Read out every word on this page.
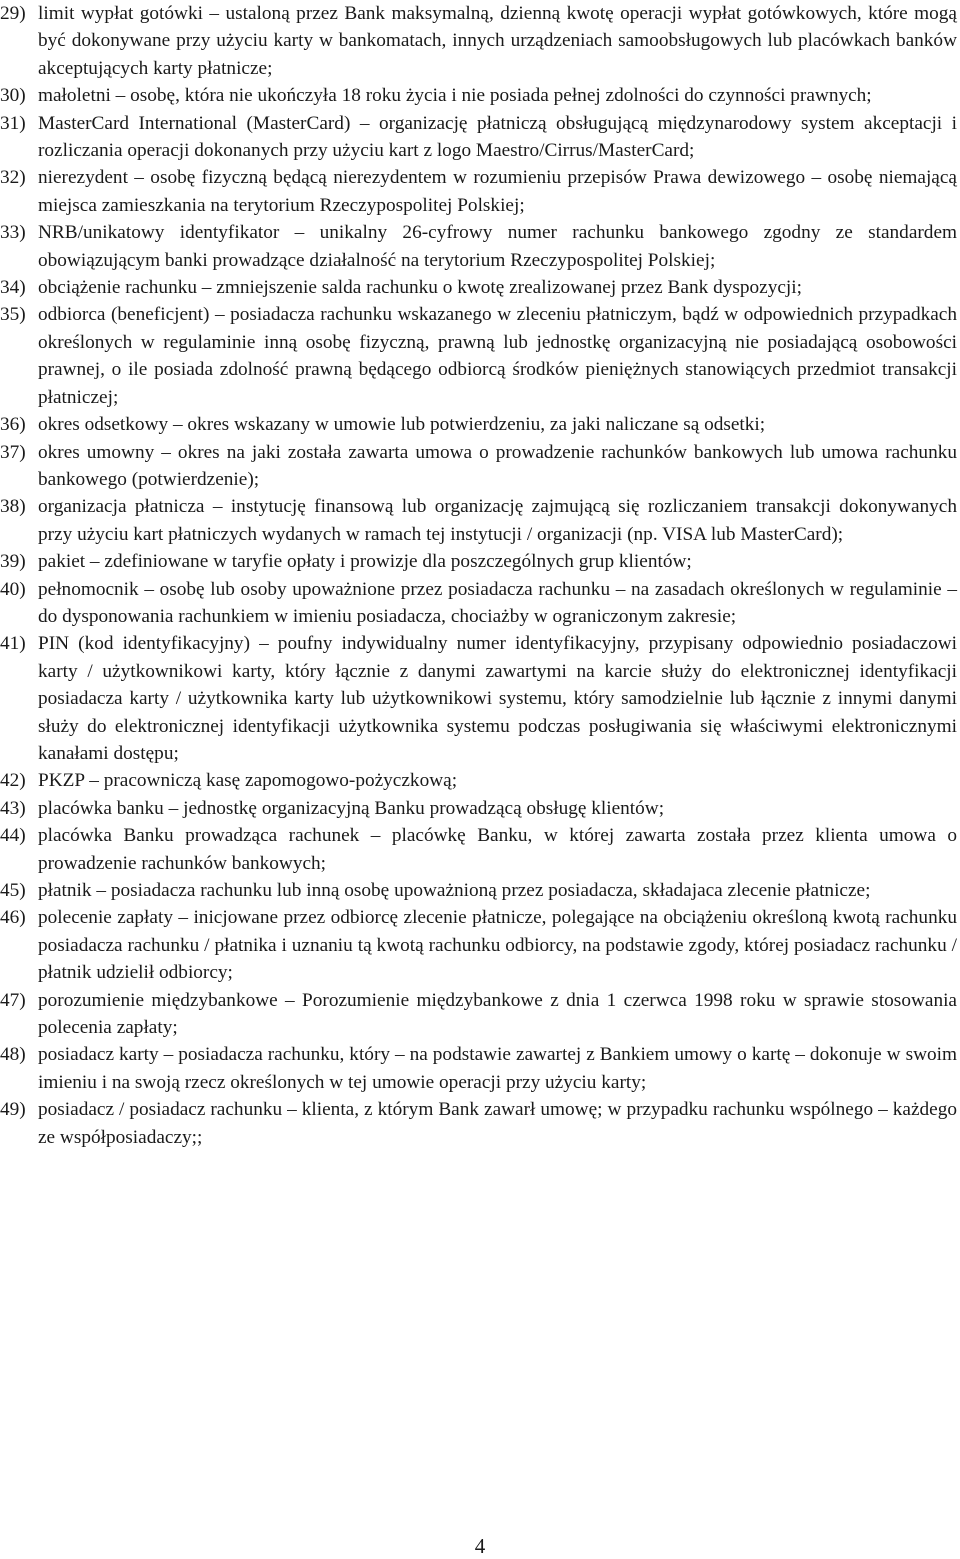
29) limit wypłat gotówki – ustaloną przez Bank maksymalną, dzienną kwotę operacji wypłat gotówkowych, które mogą być dokonywane przy użyciu karty w bankomatach, innych urządzeniach samoobsługowych lub placówkach banków akceptujących karty płatnicze;
30) małoletni – osobę, która nie ukończyła 18 roku życia i nie posiada pełnej zdolności do czynności prawnych;
31) MasterCard International (MasterCard) – organizację płatniczą obsługującą międzynarodowy system akceptacji i rozliczania operacji dokonanych przy użyciu kart z logo Maestro/Cirrus/MasterCard;
32) nierezydent – osobę fizyczną będącą nierezydentem w rozumieniu przepisów Prawa dewizowego – osobę niemającą miejsca zamieszkania na terytorium Rzeczypospolitej Polskiej;
33) NRB/unikatowy identyfikator – unikalny 26-cyfrowy numer rachunku bankowego zgodny ze standardem obowiązującym banki prowadzące działalność na terytorium Rzeczypospolitej Polskiej;
34) obciążenie rachunku – zmniejszenie salda rachunku o kwotę zrealizowanej przez Bank dyspozycji;
35) odbiorca (beneficjent) – posiadacza rachunku wskazanego w zleceniu płatniczym, bądź w odpowiednich przypadkach określonych w regulaminie inną osobę fizyczną, prawną lub jednostkę organizacyjną nie posiadającą osobowości prawnej, o ile posiada zdolność prawną będącego odbiorcą środków pieniężnych stanowiących przedmiot transakcji płatniczej;
36) okres odsetkowy – okres wskazany w umowie lub potwierdzeniu, za jaki naliczane są odsetki;
37) okres umowny – okres na jaki została zawarta umowa o prowadzenie rachunków bankowych lub umowa rachunku bankowego (potwierdzenie);
38) organizacja płatnicza – instytucję finansową lub organizację zajmującą się rozliczaniem transakcji dokonywanych przy użyciu kart płatniczych wydanych w ramach tej instytucji / organizacji (np. VISA lub MasterCard);
39) pakiet – zdefiniowane w taryfie opłaty i prowizje dla poszczególnych grup klientów;
40) pełnomocnik – osobę lub osoby upoważnione przez posiadacza rachunku – na zasadach określonych w regulaminie – do dysponowania rachunkiem w imieniu posiadacza, chociażby w ograniczonym zakresie;
41) PIN (kod identyfikacyjny) – poufny indywidualny numer identyfikacyjny, przypisany odpowiednio posiadaczowi karty / użytkownikowi karty, który łącznie z danymi zawartymi na karcie służy do elektronicznej identyfikacji posiadacza karty / użytkownika karty lub użytkownikowi systemu, który samodzielnie lub łącznie z innymi danymi służy do elektronicznej identyfikacji użytkownika systemu podczas posługiwania się właściwymi elektronicznymi kanałami dostępu;
42) PKZP – pracowniczą kasę zapomogowo-pożyczkową;
43) placówka banku – jednostkę organizacyjną Banku prowadzącą obsługę klientów;
44) placówka Banku prowadząca rachunek – placówkę Banku, w której zawarta została przez klienta umowa o prowadzenie rachunków bankowych;
45) płatnik – posiadacza rachunku lub inną osobę upoważnioną przez posiadacza, składajaca zlecenie płatnicze;
46) polecenie zapłaty – inicjowane przez odbiorcę zlecenie płatnicze, polegające na obciążeniu określoną kwotą rachunku posiadacza rachunku / płatnika i uznaniu tą kwotą rachunku odbiorcy, na podstawie zgody, której posiadacz rachunku / płatnik udzielił odbiorcy;
47) porozumienie międzybankowe – Porozumienie międzybankowe z dnia 1 czerwca 1998 roku w sprawie stosowania polecenia zapłaty;
48) posiadacz karty – posiadacza rachunku, który – na podstawie zawartej z Bankiem umowy o kartę – dokonuje w swoim imieniu i na swoją rzecz określonych w tej umowie operacji przy użyciu karty;
49) posiadacz / posiadacz rachunku – klienta, z którym Bank zawarł umowę; w przypadku rachunku wspólnego – każdego ze współposiadaczy;;
4
